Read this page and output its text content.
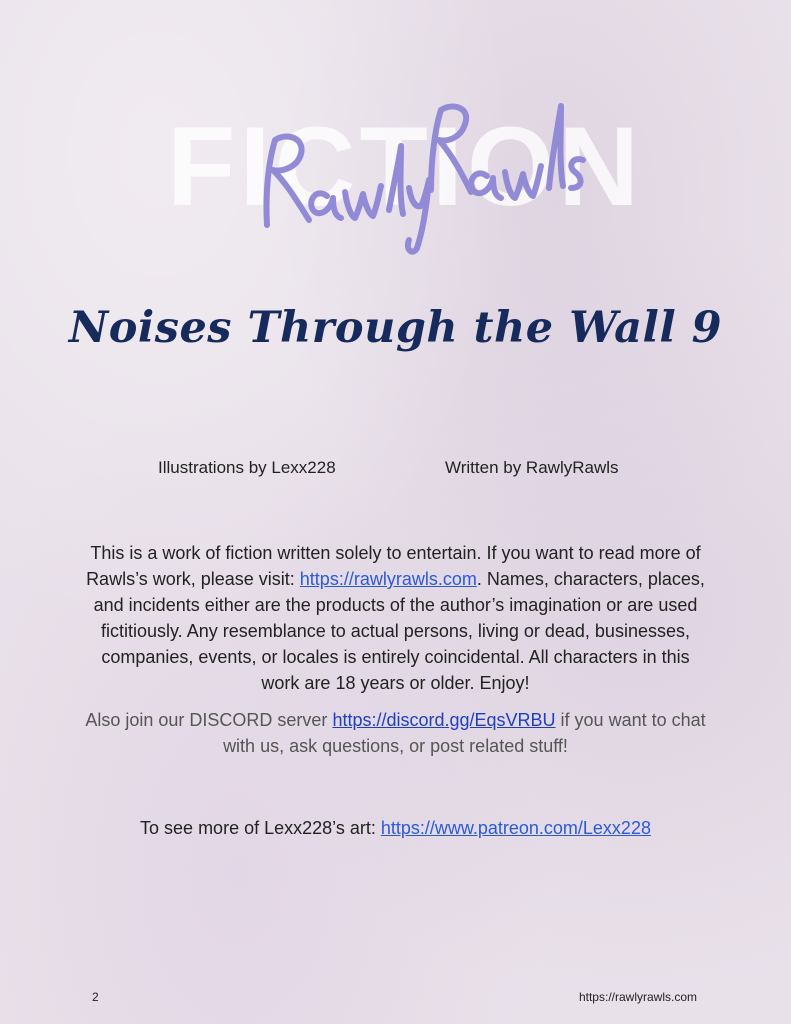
FICTION
Noises Through the Wall 9
Illustrations by Lexx228	Written by RawlyRawls
This is a work of fiction written solely to entertain. If you want to read more of Rawls’s work, please visit: https://rawlyrawls.com. Names, characters, places, and incidents either are the products of the author’s imagination or are used fictitiously. Any resemblance to actual persons, living or dead, businesses, companies, events, or locales is entirely coincidental. All characters in this work are 18 years or older. Enjoy!
Also join our DISCORD server https://discord.gg/EqsVRBU if you want to chat with us, ask questions, or post related stuff!
To see more of Lexx228’s art: https://www.patreon.com/Lexx228
2	https://rawlyrawls.com
